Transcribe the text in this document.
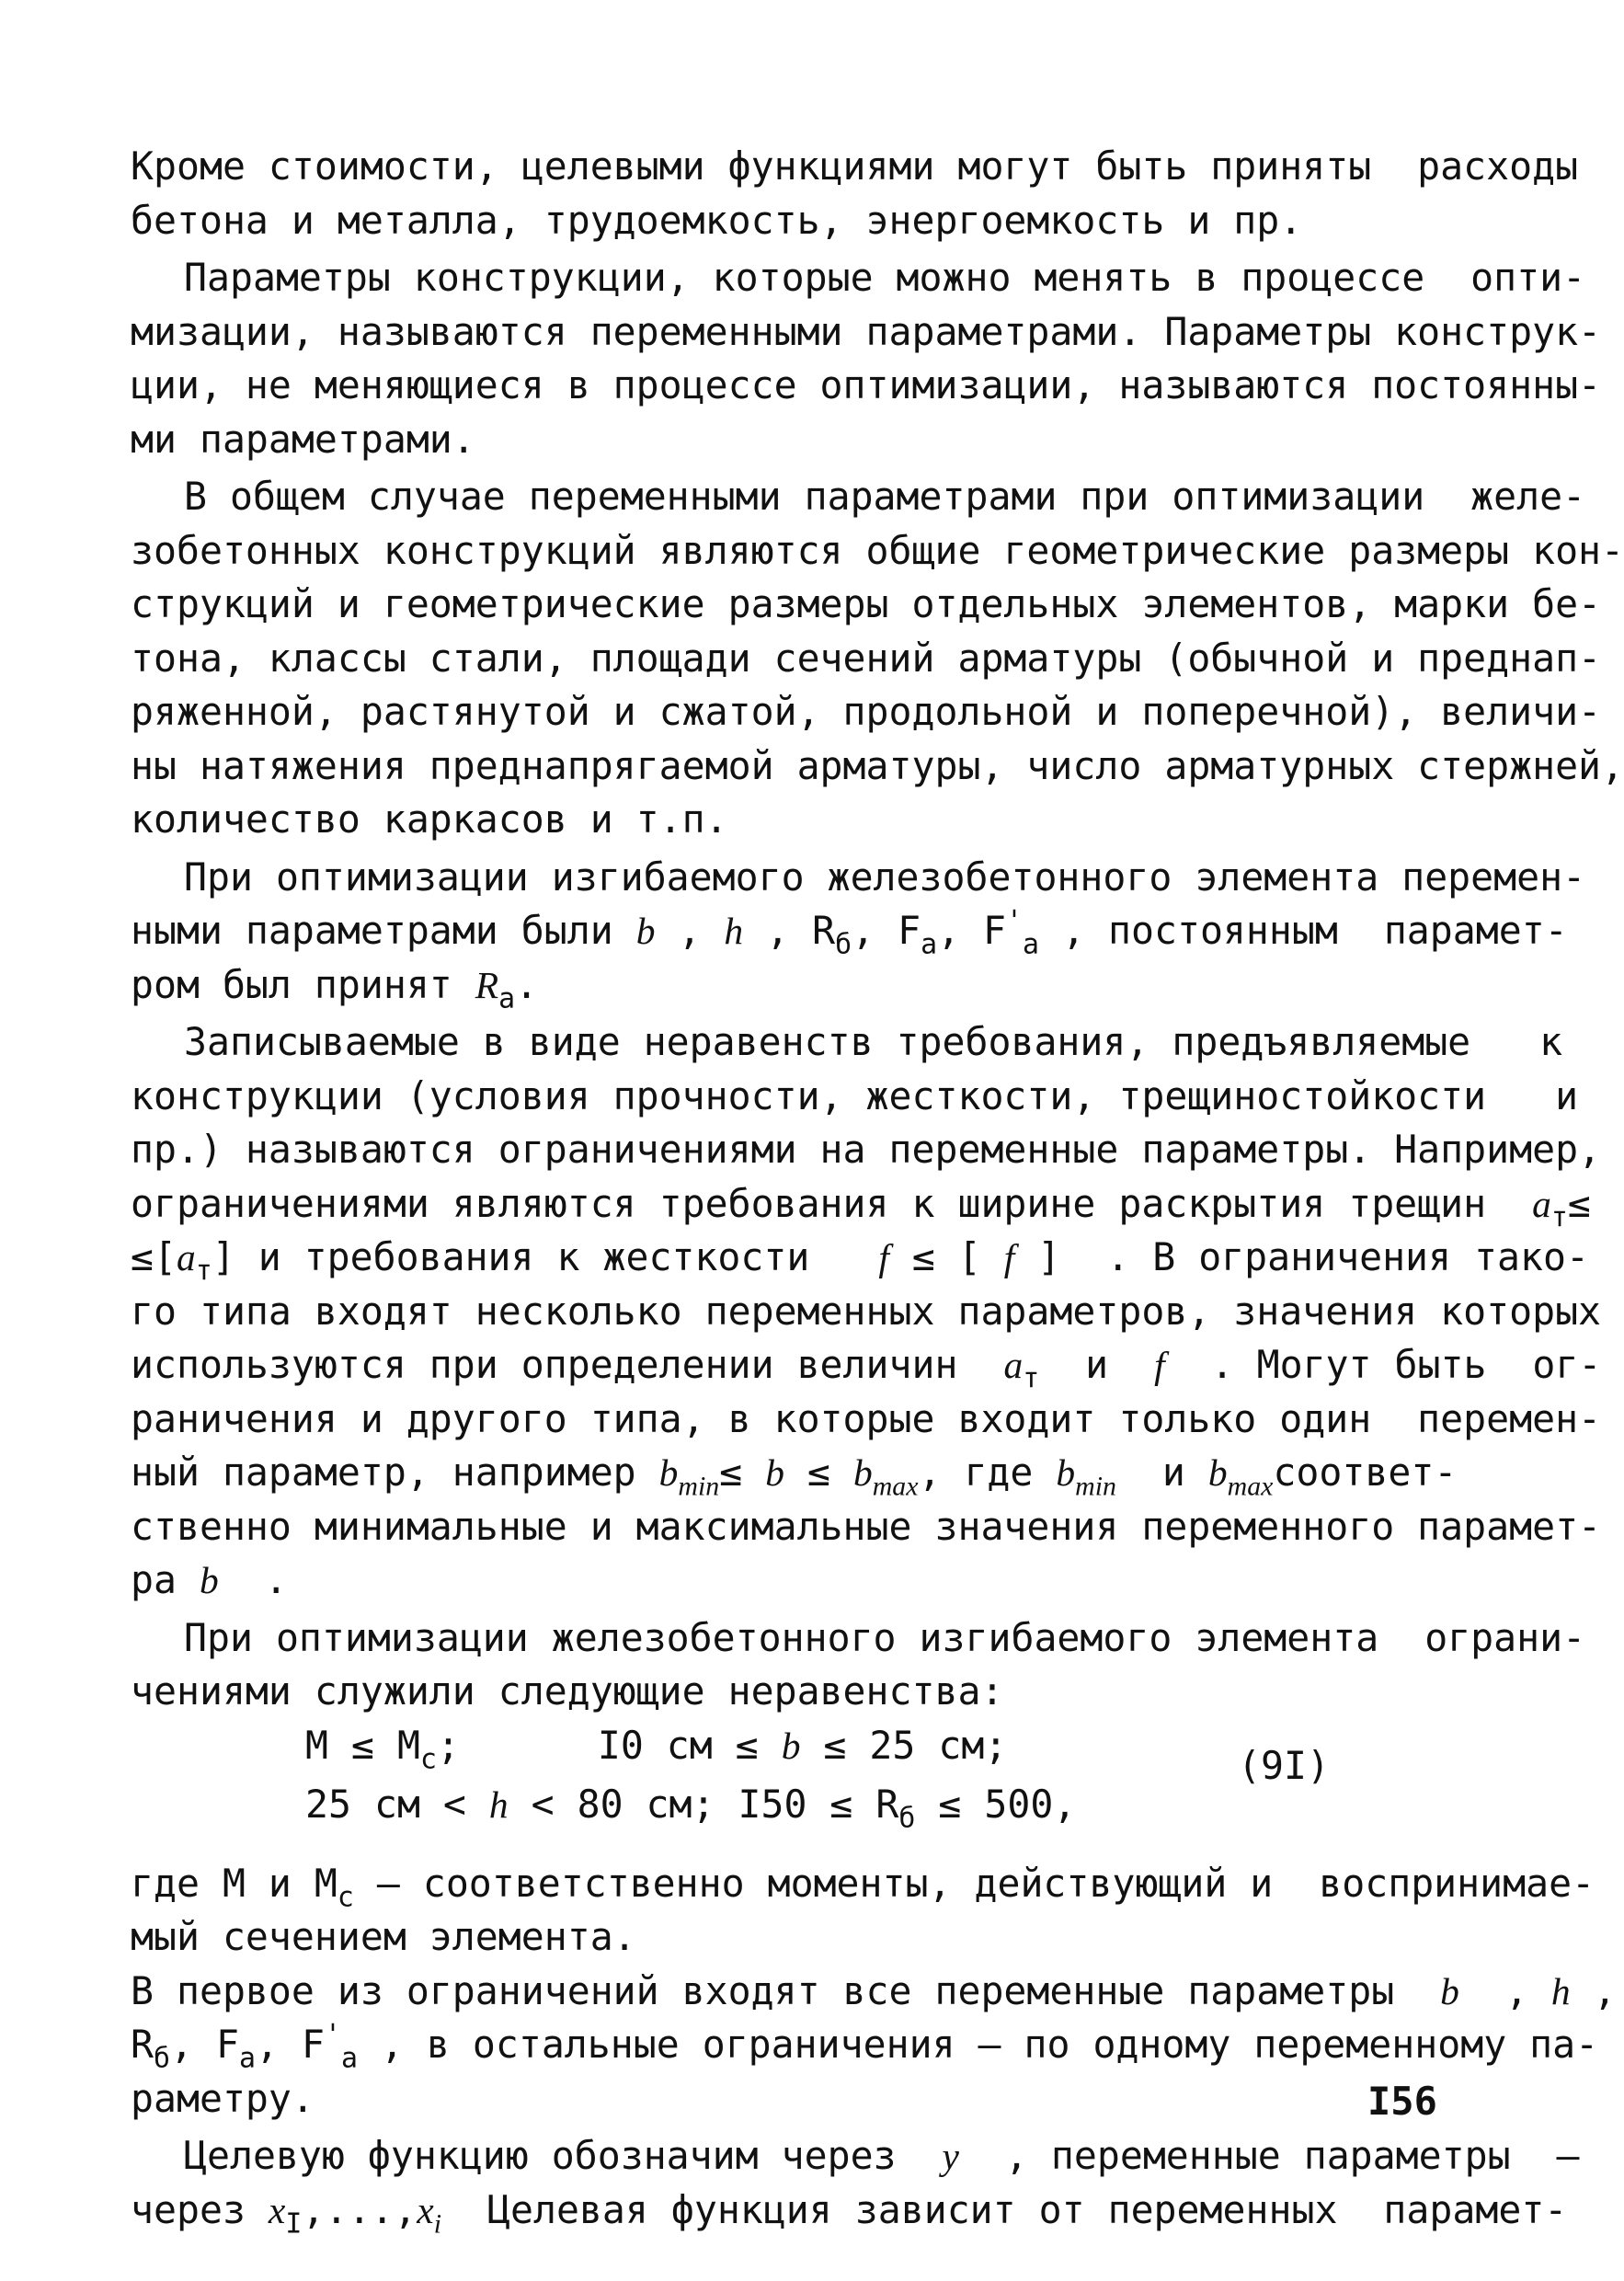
Кроме стоимости, целевыми функциями могут быть приняты  расходы
бетона и металла, трудоемкость, энергоемкость и пр.
Параметры конструкции, которые можно менять в процессе  опти-
мизации, называются переменными параметрами. Параметры конструк-
ции, не меняющиеся в процессе оптимизации, называются постоянны-
ми параметрами.
В общем случае переменными параметрами при оптимизации  желе-
зобетонных конструкций являются общие геометрические размеры кон-
струкций и геометрические размеры отдельных элементов, марки бе-
тона, классы стали, площади сечений арматуры (обычной и преднап-
ряженной, растянутой и сжатой, продольной и поперечной), величи-
ны натяжения преднапрягаемой арматуры, число арматурных стержней,
количество каркасов и т.п.
При оптимизации изгибаемого железобетонного элемента перемен-
ными параметрами были b , h , $R_б$, $F_а$, $F'_а$ , постоянным  парамет-
ром был принят $R_а$.
Записываемые в виде неравенств требования, предъявляемые   к
конструкции (условия прочности, жесткости, трещиностойкости   и
пр.) называются ограничениями на переменные параметры. Например,
ограничениями являются требования к ширине раскрытия трещин  $a_т\le$
$\le[a_т]$ и требования к жесткости   f ≤ [ f ]  . В ограничения тако-
го типа входят несколько переменных параметров, значения которых
используются при определении величин  $a_т$  и  f  . Могут быть  ог-
раничения и другого типа, в которые входит только один  перемен-
ный параметр, например $b_{min}\le b \le b_{max}$, где $b_{min}$  и $b_{max}соответ-$
ственно минимальные и максимальные значения переменного парамет-
ра b  .
При оптимизации железобетонного изгибаемого элемента  ограни-
чениями служили следующие неравенства:
$М \le М_с$;      I0 см ≤ b ≤ 25 см;	(9I)
25 см < h < 80 см; $I50 \le R_б \le 500$,
где М и $М_с$ – соответственно моменты, действующий и  воспринимае-
мый сечением элемента.
В первое из ограничений входят все переменные параметры  b  , h ,
$R_б$, $F_а$, $F'_а$ , в остальные ограничения – по одному переменному па-
раметру.
Целевую функцию обозначим через  y  , переменные параметры  –
через $x_I,...,x_i$  Целевая функция зависит от переменных  парамет-
I56
